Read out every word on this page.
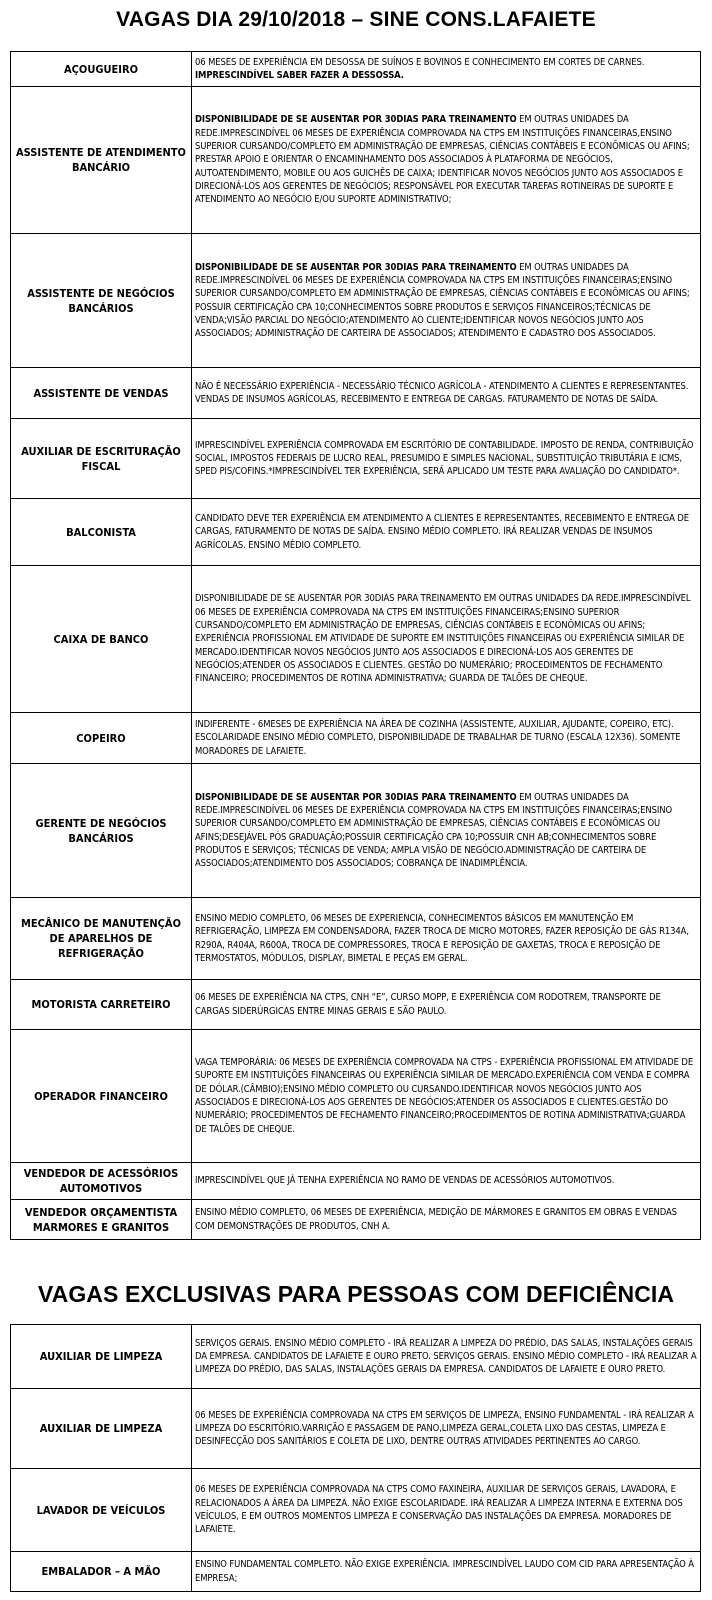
VAGAS DIA 29/10/2018 – SINE CONS.LAFAIETE
AÇOUGUEIRO	06 MESES DE EXPERIÊNCIA EM DESOSSA DE SUÍNOS E BOVINOS E CONHECIMENTO EM CORTES DE CARNES. IMPRESCINDÍVEL SABER FAZER A DESSOSSA.
ASSISTENTE DE ATENDIMENTO BANCÁRIO	DISPONIBILIDADE DE SE AUSENTAR POR 30DIAS PARA TREINAMENTO EM OUTRAS UNIDADES DA REDE.IMPRESCINDÍVEL 06 MESES DE EXPERIÊNCIA COMPROVADA NA CTPS EM INSTITUIÇÕES FINANCEIRAS,ENSINO SUPERIOR CURSANDO/COMPLETO EM ADMINISTRAÇÃO DE EMPRESAS, CIÊNCIAS CONTÁBEIS E ECONÔMICAS OU AFINS; PRESTAR APOIO E ORIENTAR O ENCAMINHAMENTO DOS ASSOCIADOS À PLATAFORMA DE NEGÓCIOS, AUTOATENDIMENTO, MOBILE OU AOS GUICHÊS DE CAIXA; IDENTIFICAR NOVOS NEGÓCIOS JUNTO AOS ASSOCIADOS E DIRECIONÁ-LOS AOS GERENTES DE NEGÓCIOS; RESPONSÁVEL POR EXECUTAR TAREFAS ROTINEIRAS DE SUPORTE E ATENDIMENTO AO NEGÓCIO E/OU SUPORTE ADMINISTRATIVO;
ASSISTENTE DE NEGÓCIOS BANCÁRIOS	DISPONIBILIDADE DE SE AUSENTAR POR 30DIAS PARA TREINAMENTO EM OUTRAS UNIDADES DA REDE.IMPRESCINDÍVEL 06 MESES DE EXPERIÊNCIA COMPROVADA NA CTPS EM INSTITUIÇÕES FINANCEIRAS;ENSINO SUPERIOR CURSANDO/COMPLETO EM ADMINISTRAÇÃO DE EMPRESAS, CIÊNCIAS CONTÁBEIS E ECONÔMICAS OU AFINS; POSSUIR CERTIFICAÇÃO CPA 10;CONHECIMENTOS SOBRE PRODUTOS E SERVIÇOS FINANCEIROS;TÉCNICAS DE VENDA;VISÃO PARCIAL DO NEGÓCIO;ATENDIMENTO AO CLIENTE;IDENTIFICAR NOVOS NEGÓCIOS JUNTO AOS ASSOCIADOS; ADMINISTRAÇÃO DE CARTEIRA DE ASSOCIADOS; ATENDIMENTO E CADASTRO DOS ASSOCIADOS.
ASSISTENTE DE VENDAS	NÃO É NECESSÁRIO EXPERIÊNCIA - NECESSÁRIO TÉCNICO AGRÍCOLA - ATENDIMENTO A CLIENTES E REPRESENTANTES. VENDAS DE INSUMOS AGRÍCOLAS, RECEBIMENTO E ENTREGA DE CARGAS. FATURAMENTO DE NOTAS DE SAÍDA.
AUXILIAR DE ESCRITURAÇÃO FISCAL	IMPRESCINDÍVEL EXPERIÊNCIA COMPROVADA EM ESCRITÓRIO DE CONTABILIDADE. IMPOSTO DE RENDA, CONTRIBUIÇÃO SOCIAL, IMPOSTOS FEDERAIS DE LUCRO REAL, PRESUMIDO E SIMPLES NACIONAL, SUBSTITUIÇÃO TRIBUTÁRIA E ICMS, SPED PIS/COFINS.*IMPRESCINDÍVEL TER EXPERIÊNCIA, SERÁ APLICADO UM TESTE PARA AVALIAÇÃO DO CANDIDATO*.
BALCONISTA	CANDIDATO DEVE TER EXPERIÊNCIA EM ATENDIMENTO A CLIENTES E REPRESENTANTES, RECEBIMENTO E ENTREGA DE CARGAS, FATURAMENTO DE NOTAS DE SAÍDA. ENSINO MÉDIO COMPLETO. IRÁ REALIZAR VENDAS DE INSUMOS AGRÍCOLAS. ENSINO MÉDIO COMPLETO.
CAIXA DE BANCO	DISPONIBILIDADE DE SE AUSENTAR POR 30DIAS PARA TREINAMENTO EM OUTRAS UNIDADES DA REDE.IMPRESCINDÍVEL 06 MESES DE EXPERIÊNCIA COMPROVADA NA CTPS EM INSTITUIÇÕES FINANCEIRAS;ENSINO SUPERIOR CURSANDO/COMPLETO EM ADMINISTRAÇÃO DE EMPRESAS, CIÊNCIAS CONTÁBEIS E ECONÔMICAS OU AFINS; EXPERIÊNCIA PROFISSIONAL EM ATIVIDADE DE SUPORTE EM INSTITUIÇÕES FINANCEIRAS OU EXPERIÊNCIA SIMILAR DE MERCADO.IDENTIFICAR NOVOS NEGÓCIOS JUNTO AOS ASSOCIADOS E DIRECIONÁ-LOS AOS GERENTES DE NEGÓCIOS;ATENDER OS ASSOCIADOS E CLIENTES. GESTÃO DO NUMERÁRIO; PROCEDIMENTOS DE FECHAMENTO FINANCEIRO; PROCEDIMENTOS DE ROTINA ADMINISTRATIVA; GUARDA DE TALÕES DE CHEQUE.
COPEIRO	INDIFERENTE - 6MESES DE EXPERIÊNCIA NA ÁREA DE COZINHA (ASSISTENTE, AUXILIAR, AJUDANTE, COPEIRO, ETC). ESCOLARIDADE ENSINO MÉDIO COMPLETO, DISPONIBILIDADE DE TRABALHAR DE TURNO (ESCALA 12X36). SOMENTE MORADORES DE LAFAIETE.
GERENTE DE NEGÓCIOS BANCÁRIOS	DISPONIBILIDADE DE SE AUSENTAR POR 30DIAS PARA TREINAMENTO EM OUTRAS UNIDADES DA REDE.IMPRESCINDÍVEL 06 MESES DE EXPERIÊNCIA COMPROVADA NA CTPS EM INSTITUIÇÕES FINANCEIRAS;ENSINO SUPERIOR CURSANDO/COMPLETO EM ADMINISTRAÇÃO DE EMPRESAS, CIÊNCIAS CONTÁBEIS E ECONÔMICAS OU AFINS;DESEJÁVEL PÓS GRADUAÇÃO;POSSUIR CERTIFICAÇÃO CPA 10;POSSUIR CNH AB;CONHECIMENTOS SOBRE PRODUTOS E SERVIÇOS; TÉCNICAS DE VENDA; AMPLA VISÃO DE NEGÓCIO.ADMINISTRAÇÃO DE CARTEIRA DE ASSOCIADOS;ATENDIMENTO DOS ASSOCIADOS; COBRANÇA DE INADIMPLÊNCIA.
MECÂNICO DE MANUTENÇÃO DE APARELHOS DE REFRIGERAÇÃO	ENSINO MEDIO COMPLETO, 06 MESES DE EXPERIENCIA, CONHECIMENTOS BÁSICOS EM MANUTENÇÃO EM REFRIGERAÇÃO, LIMPEZA EM CONDENSADORA, FAZER TROCA DE MICRO MOTORES, FAZER REPOSIÇÃO DE GÁS R134A, R290A, R404A, R600A, TROCA DE COMPRESSORES, TROCA E REPOSIÇÃO DE GAXETAS, TROCA E REPOSIÇÃO DE TERMOSTATOS, MÓDULOS, DISPLAY, BIMETAL E PEÇAS EM GERAL.
MOTORISTA CARRETEIRO	06 MESES DE EXPERIÊNCIA NA CTPS, CNH “E”, CURSO MOPP, E EXPERIÊNCIA COM RODOTREM, TRANSPORTE DE CARGAS SIDERÚRGICAS ENTRE MINAS GERAIS E SÃO PAULO.
OPERADOR FINANCEIRO	VAGA TEMPORÁRIA: 06 MESES DE EXPERIÊNCIA COMPROVADA NA CTPS - EXPERIÊNCIA PROFISSIONAL EM ATIVIDADE DE SUPORTE EM INSTITUIÇÕES FINANCEIRAS OU EXPERIÊNCIA SIMILAR DE MERCADO.EXPERIÊNCIA COM VENDA E COMPRA DE DÓLAR.(CÂMBIO);ENSINO MÉDIO COMPLETO OU CURSANDO.IDENTIFICAR NOVOS NEGÓCIOS JUNTO AOS ASSOCIADOS E DIRECIONÁ-LOS AOS GERENTES DE NEGÓCIOS;ATENDER OS ASSOCIADOS E CLIENTES.GESTÃO DO NUMERÁRIO; PROCEDIMENTOS DE FECHAMENTO FINANCEIRO;PROCEDIMENTOS DE ROTINA ADMINISTRATIVA;GUARDA DE TALÕES DE CHEQUE.
VENDEDOR DE ACESSÓRIOS AUTOMOTIVOS	IMPRESCINDÍVEL QUE JÁ TENHA EXPERIÊNCIA NO RAMO DE VENDAS DE ACESSÓRIOS AUTOMOTIVOS.
VENDEDOR ORÇAMENTISTA MARMORES E GRANITOS	ENSINO MÉDIO COMPLETO, 06 MESES DE EXPERIÊNCIA, MEDIÇÃO DE MÁRMORES E GRANITOS EM OBRAS E VENDAS COM DEMONSTRAÇÕES DE PRODUTOS, CNH A.
VAGAS EXCLUSIVAS PARA PESSOAS COM DEFICIÊNCIA
AUXILIAR DE LIMPEZA	SERVIÇOS GERAIS. ENSINO MÉDIO COMPLETO - IRÁ REALIZAR A LIMPEZA DO PRÉDIO, DAS SALAS, INSTALAÇÕES GERAIS DA EMPRESA. CANDIDATOS DE LAFAIETE E OURO PRETO. SERVIÇOS GERAIS. ENSINO MÉDIO COMPLETO - IRÁ REALIZAR A LIMPEZA DO PRÉDIO, DAS SALAS, INSTALAÇÕES GERAIS DA EMPRESA. CANDIDATOS DE LAFAIETE E OURO PRETO.
AUXILIAR DE LIMPEZA	06 MESES DE EXPERIÊNCIA COMPROVADA NA CTPS EM SERVIÇOS DE LIMPEZA, ENSINO FUNDAMENTAL - IRÁ REALIZAR A LIMPEZA DO ESCRITÓRIO.VARRIÇÃO E PASSAGEM DE PANO,LIMPEZA GERAL,COLETA LIXO DAS CESTAS, LIMPEZA E DESINFECÇÃO DOS SANITÁRIOS E COLETA DE LIXO, DENTRE OUTRAS ATIVIDADES PERTINENTES AO CARGO.
LAVADOR DE VEÍCULOS	06 MESES DE EXPERIÊNCIA COMPROVADA NA CTPS COMO FAXINEIRA, AUXILIAR DE SERVIÇOS GERAIS, LAVADORA, E RELACIONADOS A ÁREA DA LIMPEZA. NÃO EXIGE ESCOLARIDADE. IRÁ REALIZAR A LIMPEZA INTERNA E EXTERNA DOS VEÍCULOS, E EM OUTROS MOMENTOS LIMPEZA E CONSERVAÇÃO DAS INSTALAÇÕES DA EMPRESA. MORADORES DE LAFAIETE.
EMBALADOR – A MÃO	ENSINO FUNDAMENTAL COMPLETO. NÃO EXIGE EXPERIÊNCIA. IMPRESCINDÍVEL LAUDO COM CID PARA APRESENTAÇÃO À EMPRESA;
